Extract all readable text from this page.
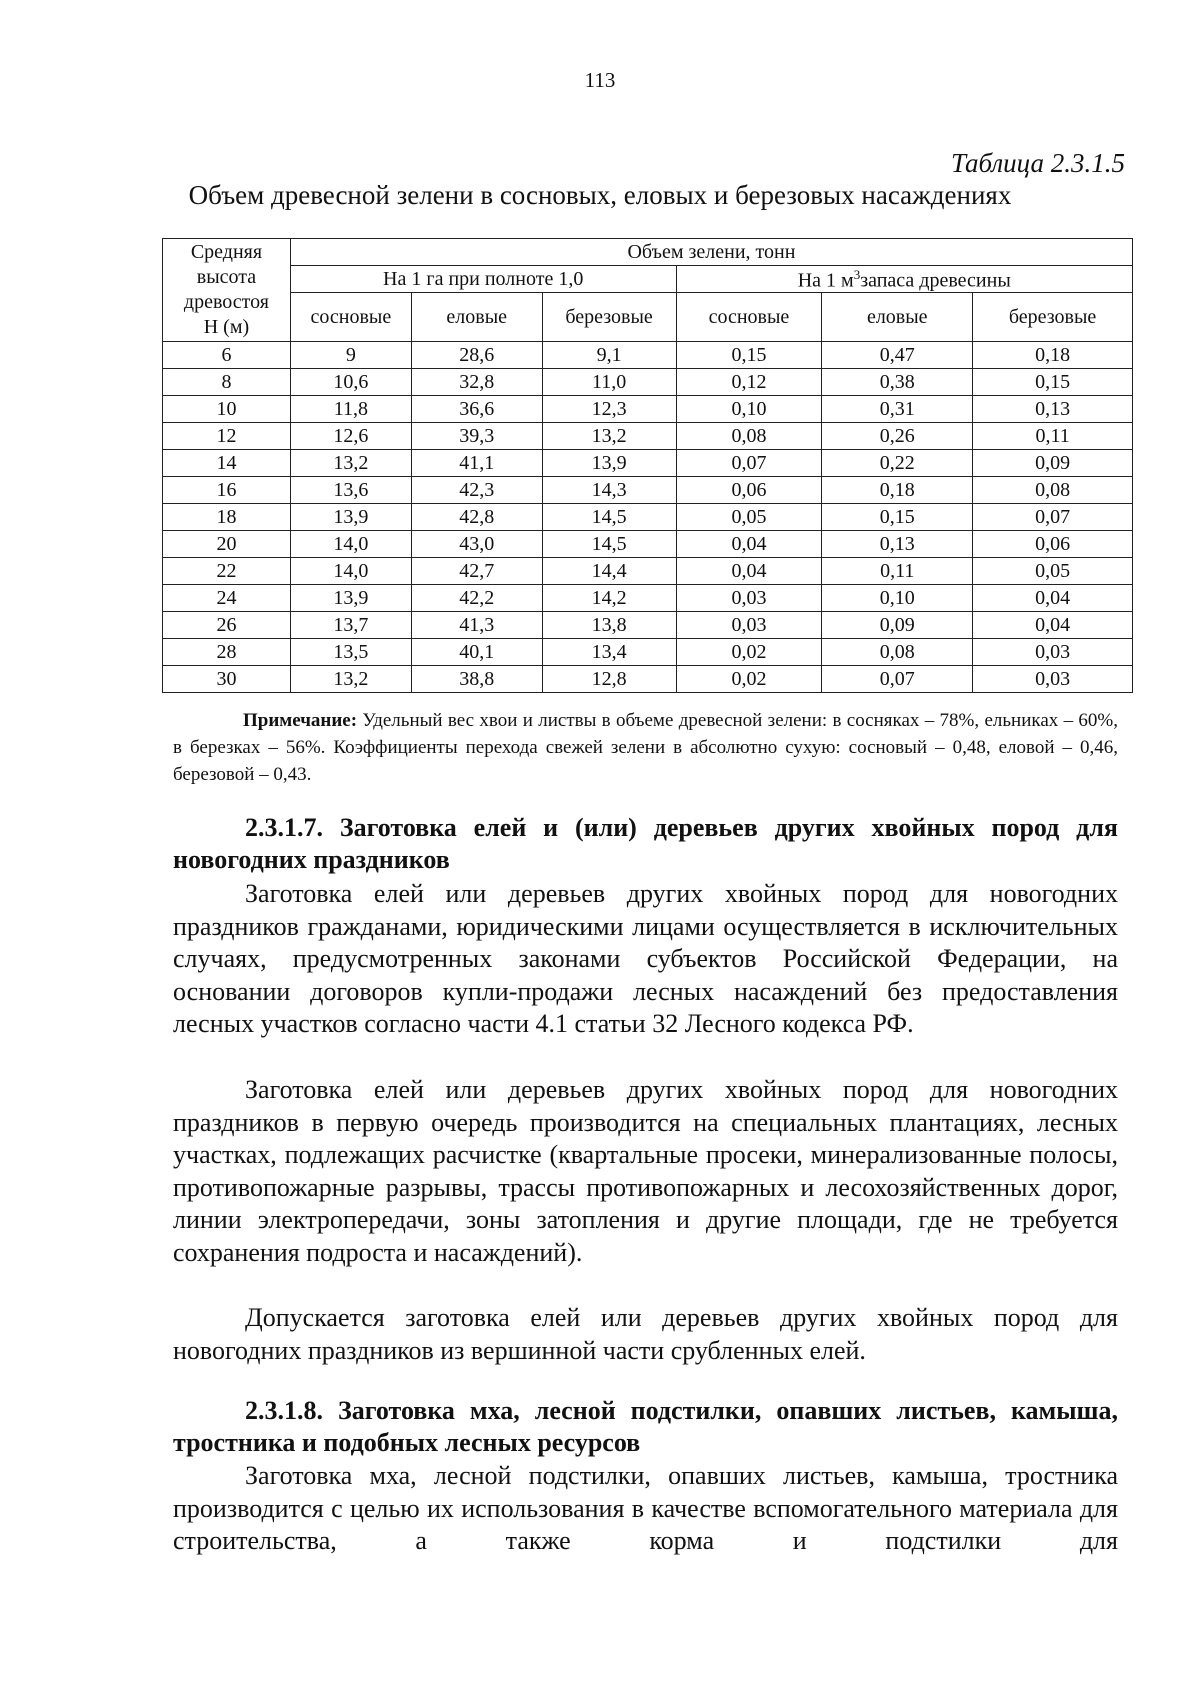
113
Таблица 2.3.1.5
Объем древесной зелени в сосновых, еловых и березовых насаждениях
Средняя
высота
древостоя
Н (м)	Объем зелени, тонн					
	На 1 га при полноте 1,0			На 1 $м^3запаса$ древесины		
	сосновые	еловые	березовые	сосновые	еловые	березовые
6	9	28,6	9,1	0,15	0,47	0,18
8	10,6	32,8	11,0	0,12	0,38	0,15
10	11,8	36,6	12,3	0,10	0,31	0,13
12	12,6	39,3	13,2	0,08	0,26	0,11
14	13,2	41,1	13,9	0,07	0,22	0,09
16	13,6	42,3	14,3	0,06	0,18	0,08
18	13,9	42,8	14,5	0,05	0,15	0,07
20	14,0	43,0	14,5	0,04	0,13	0,06
22	14,0	42,7	14,4	0,04	0,11	0,05
24	13,9	42,2	14,2	0,03	0,10	0,04
26	13,7	41,3	13,8	0,03	0,09	0,04
28	13,5	40,1	13,4	0,02	0,08	0,03
30	13,2	38,8	12,8	0,02	0,07	0,03
Примечание: Удельный вес хвои и листвы в объеме древесной зелени: в сосняках – 78%, ельниках – 60%, в березках – 56%. Коэффициенты перехода свежей зелени в абсолютно сухую: сосновый – 0,48, еловой – 0,46, березовой – 0,43.
2.3.1.7. Заготовка елей и (или) деревьев других хвойных пород для новогодних праздников
Заготовка елей или деревьев других хвойных пород для новогодних праздников гражданами, юридическими лицами осуществляется в исключительных случаях, предусмотренных законами субъектов Российской Федерации, на основании договоров купли-продажи лесных насаждений без предоставления лесных участков согласно части 4.1 статьи 32 Лесного кодекса РФ.
Заготовка елей или деревьев других хвойных пород для новогодних праздников в первую очередь производится на специальных плантациях, лесных участках, подлежащих расчистке (квартальные просеки, минерализованные полосы, противопожарные разрывы, трассы противопожарных и лесохозяйственных дорог, линии электропередачи, зоны затопления и другие площади, где не требуется сохранения подроста и насаждений).
Допускается заготовка елей или деревьев других хвойных пород для новогодних праздников из вершинной части срубленных елей.
2.3.1.8. Заготовка мха, лесной подстилки, опавших листьев, камыша, тростника и подобных лесных ресурсов
Заготовка мха, лесной подстилки, опавших листьев, камыша, тростника производится с целью их использования в качестве вспомогательного материала для строительства, а также корма и подстилки для
